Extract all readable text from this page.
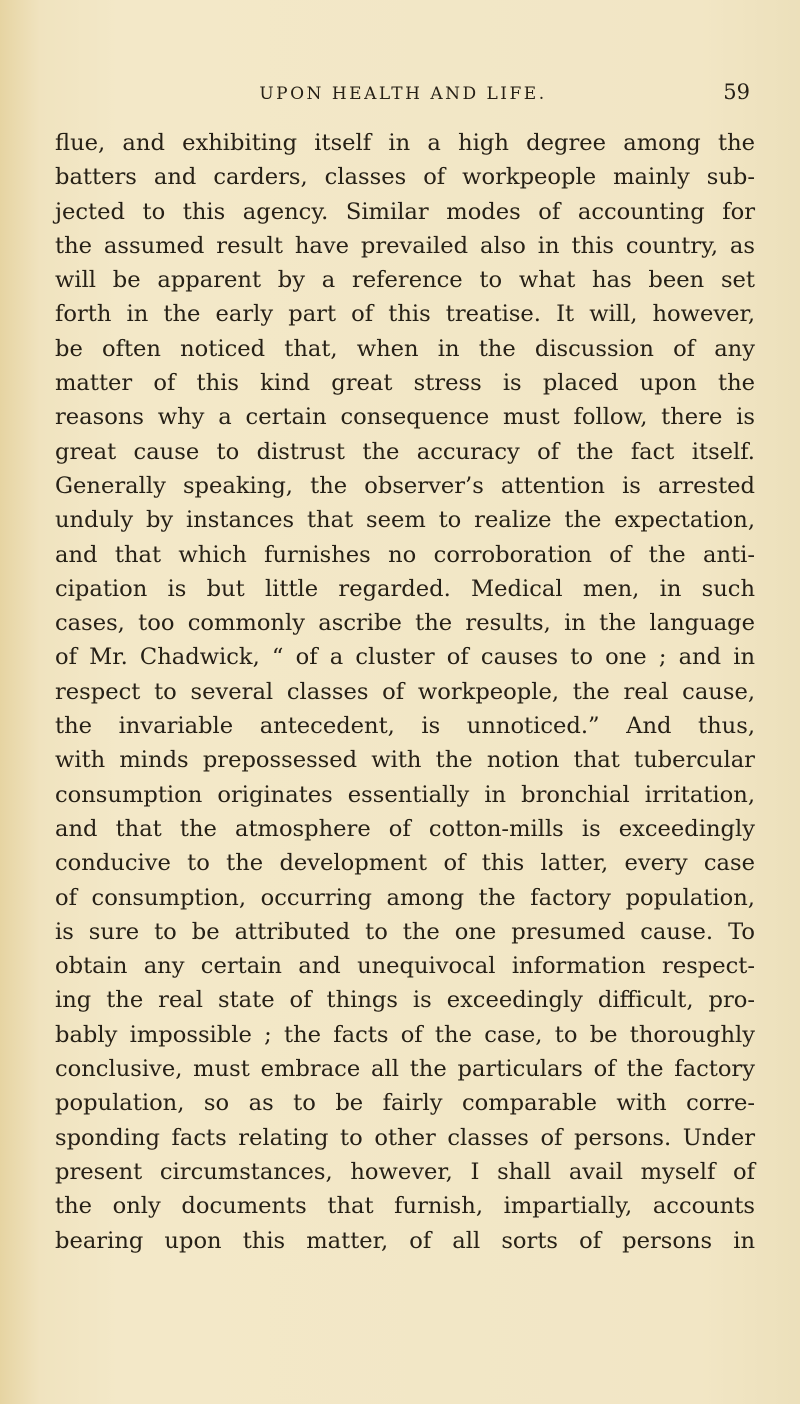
UPON HEALTH AND LIFE.	59
flue, and exhibiting itself in a high degree among the
batters and carders, classes of workpeople mainly sub-
jected to this agency. Similar modes of accounting for
the assumed result have prevailed also in this country, as
will be apparent by a reference to what has been set
forth in the early part of this treatise. It will, however,
be often noticed that, when in the discussion of any
matter of this kind great stress is placed upon the
reasons why a certain consequence must follow, there is
great cause to distrust the accuracy of the fact itself.
Generally speaking, the observer’s attention is arrested
unduly by instances that seem to realize the expectation,
and that which furnishes no corroboration of the anti-
cipation is but little regarded. Medical men, in such
cases, too commonly ascribe the results, in the language
of Mr. Chadwick, “ of a cluster of causes to one ; and in
respect to several classes of workpeople, the real cause,
the invariable antecedent, is unnoticed.” And thus,
with minds prepossessed with the notion that tubercular
consumption originates essentially in bronchial irritation,
and that the atmosphere of cotton-mills is exceedingly
conducive to the development of this latter, every case
of consumption, occurring among the factory population,
is sure to be attributed to the one presumed cause. To
obtain any certain and unequivocal information respect-
ing the real state of things is exceedingly difficult, pro-
bably impossible ; the facts of the case, to be thoroughly
conclusive, must embrace all the particulars of the factory
population, so as to be fairly comparable with corre-
sponding facts relating to other classes of persons. Under
present circumstances, however, I shall avail myself of
the only documents that furnish, impartially, accounts
bearing upon this matter, of all sorts of persons in
